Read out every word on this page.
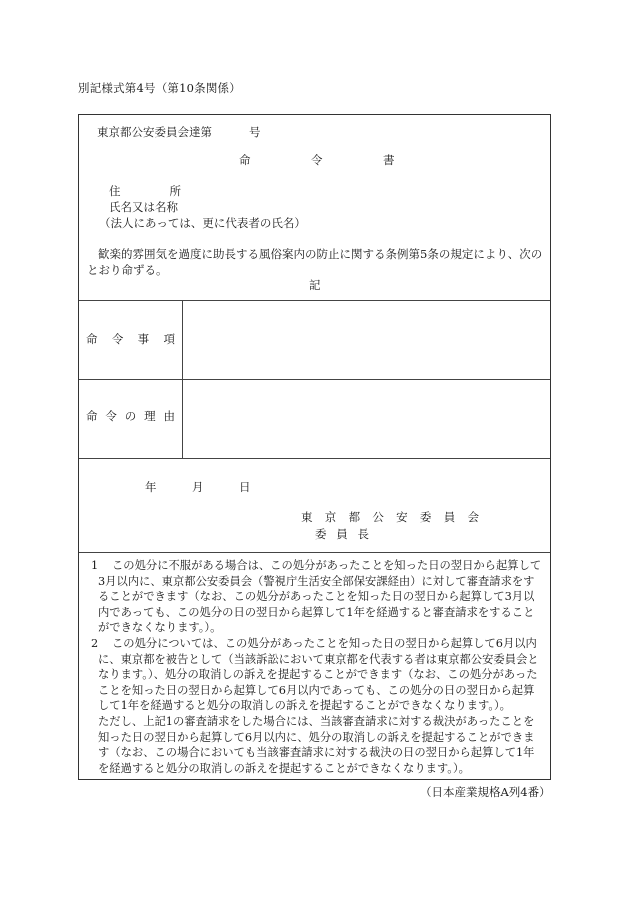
別記様式第4号（第10条関係）
東京都公安委員会達第	号
命	令	書
住	所
氏名又は名称
（法人にあっては、更に代表者の氏名）
歓楽的雰囲気を過度に助長する風俗案内の防止に関する条例第5条の規定により、次のとおり命ずる。
記
命 令 事 項
命 令 の 理 由
年	月	日
東 京 都 公 安 委 員 会
委 員 長

1 この処分に不服がある場合は、この処分があったことを知った日の翌日から起算して3月以内に、東京都公安委員会（警視庁生活安全部保安課経由）に対して審査請求をすることができます（なお、この処分があったことを知った日の翌日から起算して3月以内であっても、この処分の日の翌日から起算して1年を経過すると審査請求をすることができなくなります。）。

2 この処分については、この処分があったことを知った日の翌日から起算して6月以内に、東京都を被告として（当該訴訟において東京都を代表する者は東京都公安委員会となります。）、処分の取消しの訴えを提起することができます（なお、この処分があったことを知った日の翌日から起算して6月以内であっても、この処分の日の翌日から起算して1年を経過すると処分の取消しの訴えを提起することができなくなります。）。
ただし、上記1の審査請求をした場合には、当該審査請求に対する裁決があったことを知った日の翌日から起算して6月以内に、処分の取消しの訴えを提起することができます（なお、この場合においても当該審査請求に対する裁決の日の翌日から起算して1年を経過すると処分の取消しの訴えを提起することができなくなります。）。

（日本産業規格A列4番）
